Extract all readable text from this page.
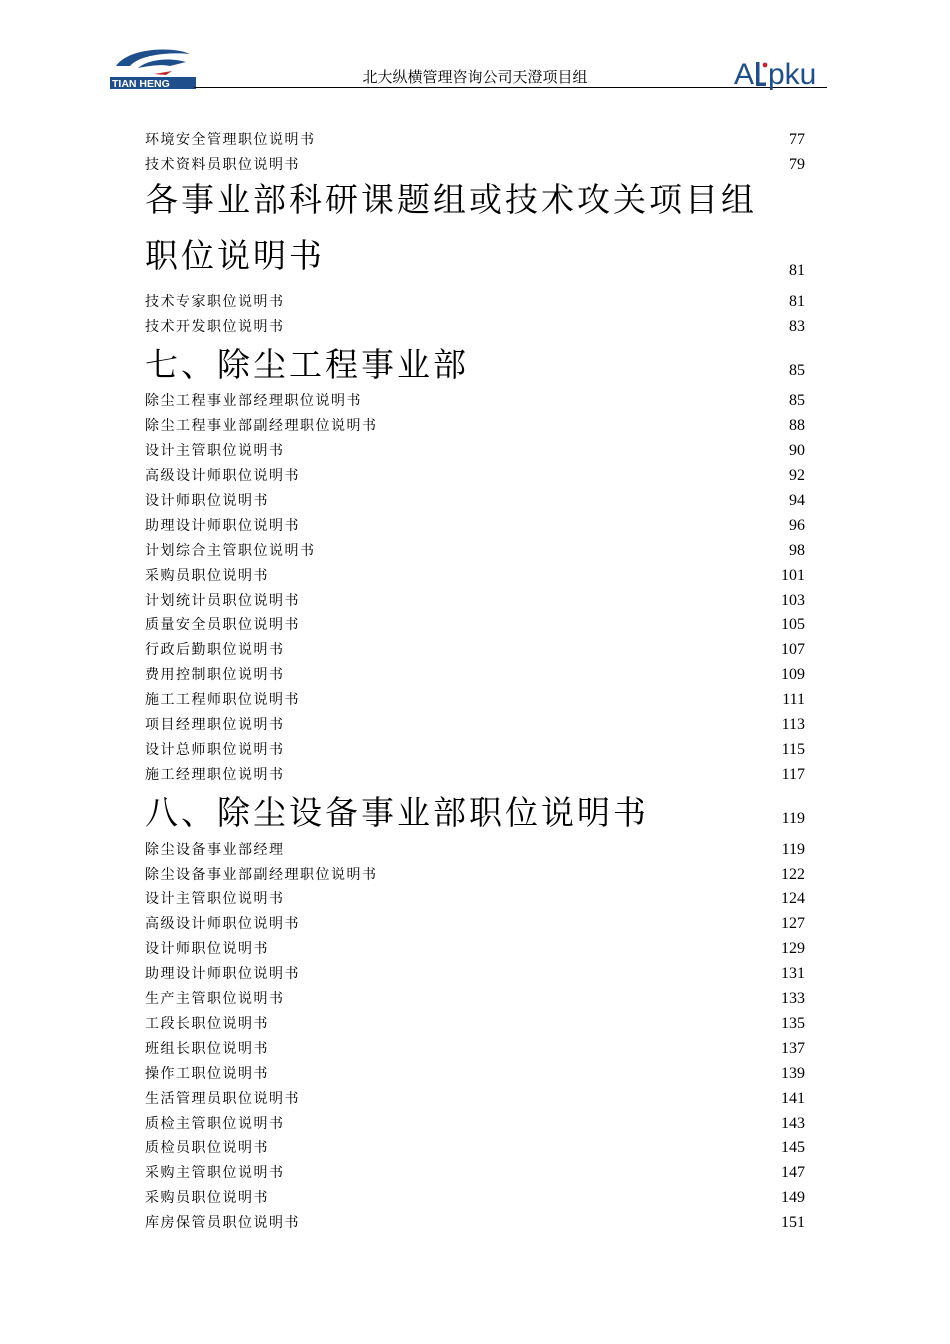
TIAN HENG	北大纵横管理咨询公司天澄项目组	A pku
环境安全管理职位说明书	77
技术资料员职位说明书	79
各事业部科研课题组或技术攻关项目组职位说明书	81
技术专家职位说明书	81
技术开发职位说明书	83
七、除尘工程事业部	85
除尘工程事业部经理职位说明书	85
除尘工程事业部副经理职位说明书	88
设计主管职位说明书	90
高级设计师职位说明书	92
设计师职位说明书	94
助理设计师职位说明书	96
计划综合主管职位说明书	98
采购员职位说明书	101
计划统计员职位说明书	103
质量安全员职位说明书	105
行政后勤职位说明书	107
费用控制职位说明书	109
施工工程师职位说明书	111
项目经理职位说明书	113
设计总师职位说明书	115
施工经理职位说明书	117
八、除尘设备事业部职位说明书	119
除尘设备事业部经理	119
除尘设备事业部副经理职位说明书	122
设计主管职位说明书	124
高级设计师职位说明书	127
设计师职位说明书	129
助理设计师职位说明书	131
生产主管职位说明书	133
工段长职位说明书	135
班组长职位说明书	137
操作工职位说明书	139
生活管理员职位说明书	141
质检主管职位说明书	143
质检员职位说明书	145
采购主管职位说明书	147
采购员职位说明书	149
库房保管员职位说明书	151
